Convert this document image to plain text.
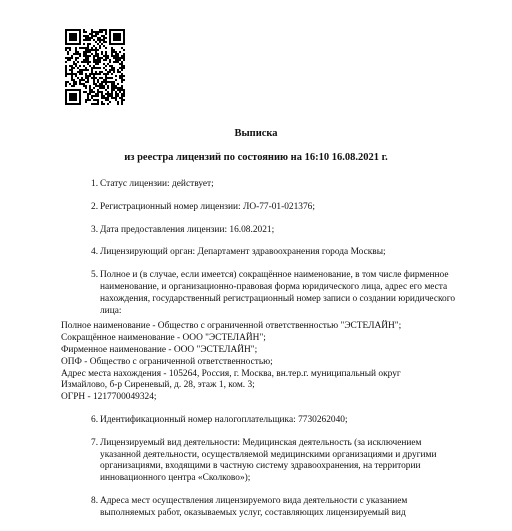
Выписка
из реестра лицензий по состоянию на 16:10 16.08.2021 г.
1. Статус лицензии: действует;
2. Регистрационный номер лицензии: ЛО-77-01-021376;
3. Дата предоставления лицензии: 16.08.2021;
4. Лицензирующий орган: Департамент здравоохранения города Москвы;
5. Полное и (в случае, если имеется) сокращённое наименование, в том числе фирменное наименование, и организационно-правовая форма юридического лица, адрес его места нахождения, государственный регистрационный номер записи о создании юридического лица:
Полное наименование - Общество с ограниченной ответственностью "ЭСТЕЛАЙН";
Сокращённое наименование - ООО "ЭСТЕЛАЙН";
Фирменное наименование - ООО "ЭСТЕЛАЙН";
ОПФ - Общество с ограниченной ответственностью;
Адрес места нахождения - 105264, Россия, г. Москва, вн.тер.г. муниципальный округ Измайлово, б-р Сиреневый, д. 28, этаж 1, ком. 3;
ОГРН - 1217700049324;
6. Идентификационный номер налогоплательщика: 7730262040;
7. Лицензируемый вид деятельности: Медицинская деятельность (за исключением указанной деятельности, осуществляемой медицинскими организациями и другими организациями, входящими в частную систему здравоохранения, на территории инновационного центра «Сколково»);
8. Адреса мест осуществления лицензируемого вида деятельности с указанием выполняемых работ, оказываемых услуг, составляющих лицензируемый вид
